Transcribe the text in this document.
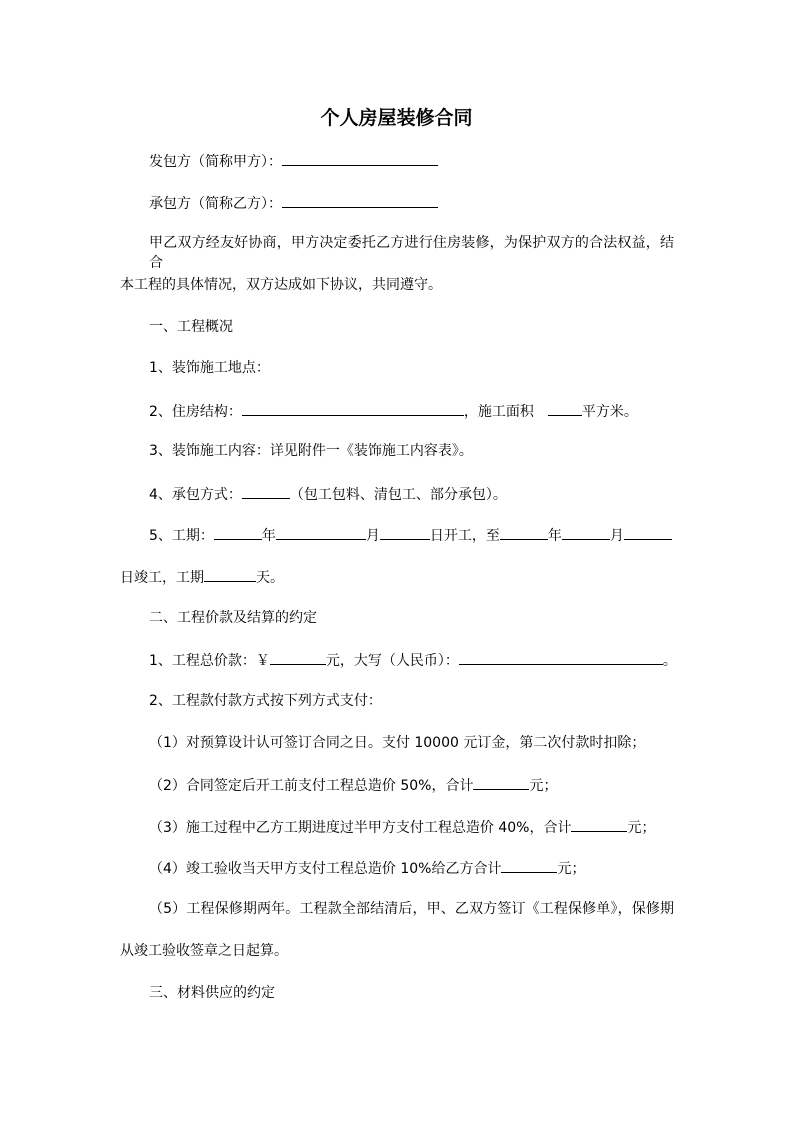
个人房屋装修合同
发包方（简称甲方）：
承包方（简称乙方）：
甲乙双方经友好协商，甲方决定委托乙方进行住房装修，为保护双方的合法权益，结合
本工程的具体情况，双方达成如下协议，共同遵守。
一、工程概况
1、装饰施工地点：
2、住房结构：	，施工面积	平方米。
3、装饰施工内容：详见附件一《装饰施工内容表》。
4、承包方式：	（包工包料、清包工、部分承包）。
5、工期：	年	月	日开工，至	年	月
日竣工，工期	天。
二、工程价款及结算的约定
1、工程总价款：￥	元，大写（人民币）：	。
2、工程款付款方式按下列方式支付：
（1）对预算设计认可签订合同之日。支付 10000 元订金，第二次付款时扣除；
（2）合同签定后开工前支付工程总造价 50%，合计	元；
（3）施工过程中乙方工期进度过半甲方支付工程总造价 40%，合计	元；
（4）竣工验收当天甲方支付工程总造价 10%给乙方合计	元；
（5）工程保修期两年。工程款全部结清后，甲、乙双方签订《工程保修单》，保修期
从竣工验收签章之日起算。
三、材料供应的约定
